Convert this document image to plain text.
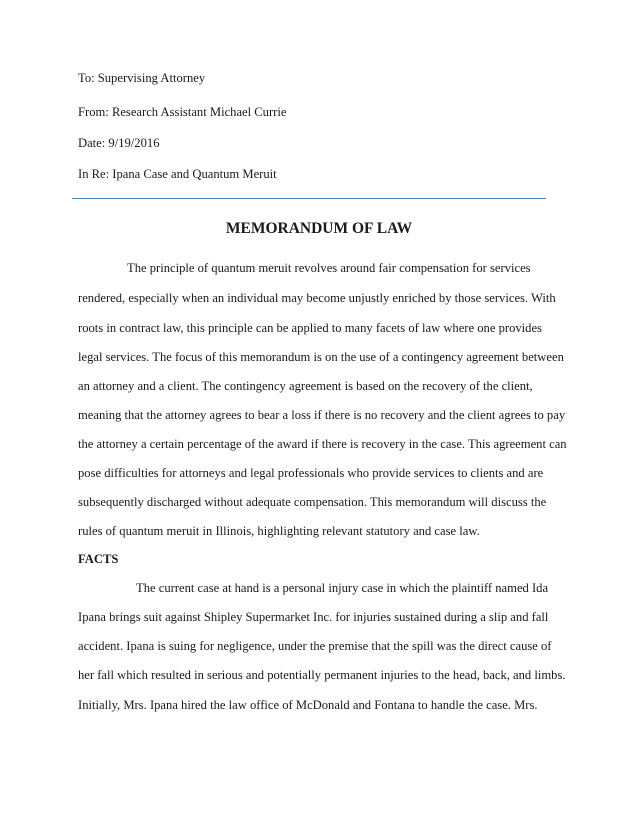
To: Supervising Attorney
From: Research Assistant Michael Currie
Date: 9/19/2016
In Re: Ipana Case and Quantum Meruit
MEMORANDUM OF LAW
The principle of quantum meruit revolves around fair compensation for services
rendered, especially when an individual may become unjustly enriched by those services. With
roots in contract law, this principle can be applied to many facets of law where one provides
legal services. The focus of this memorandum is on the use of a contingency agreement between
an attorney and a client. The contingency agreement is based on the recovery of the client,
meaning that the attorney agrees to bear a loss if there is no recovery and the client agrees to pay
the attorney a certain percentage of the award if there is recovery in the case. This agreement can
pose difficulties for attorneys and legal professionals who provide services to clients and are
subsequently discharged without adequate compensation. This memorandum will discuss the
rules of quantum meruit in Illinois, highlighting relevant statutory and case law.
FACTS
The current case at hand is a personal injury case in which the plaintiff named Ida
Ipana brings suit against Shipley Supermarket Inc. for injuries sustained during a slip and fall
accident. Ipana is suing for negligence, under the premise that the spill was the direct cause of
her fall which resulted in serious and potentially permanent injuries to the head, back, and limbs.
Initially, Mrs. Ipana hired the law office of McDonald and Fontana to handle the case. Mrs.
